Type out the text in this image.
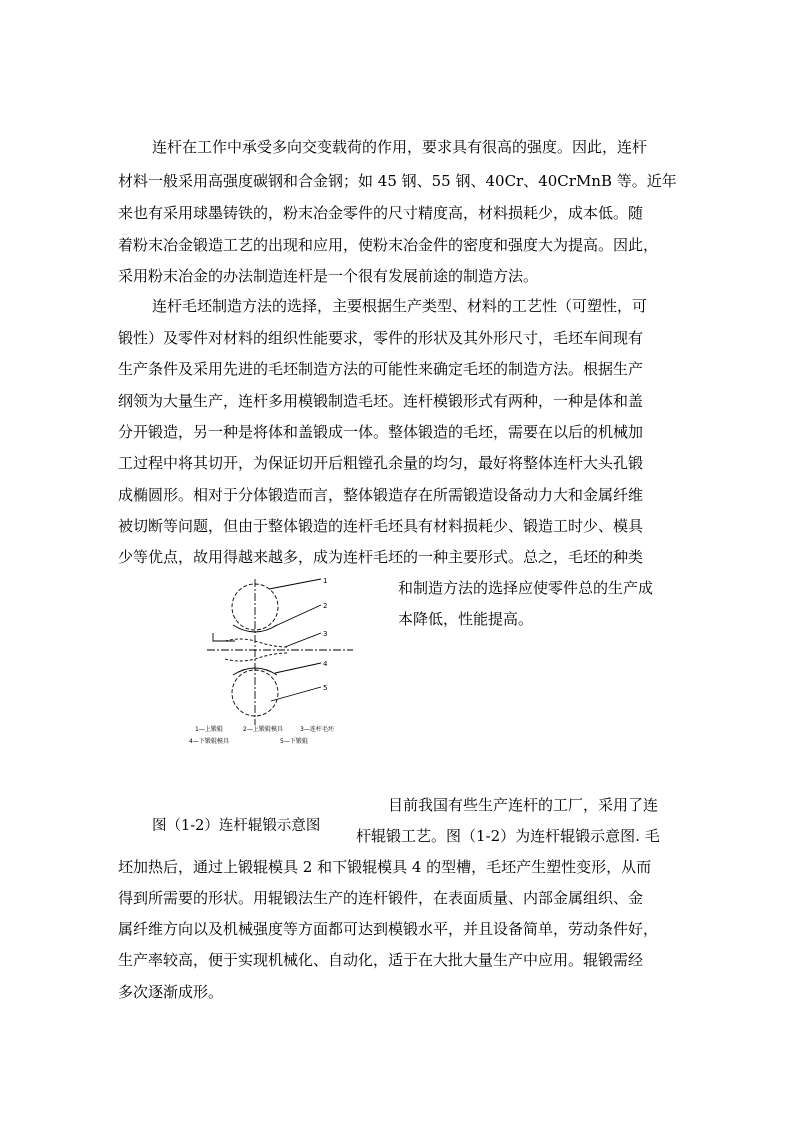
连杆在工作中承受多向交变载荷的作用，要求具有很高的强度。因此，连杆
材料一般采用高强度碳钢和合金钢；如 45 钢、55 钢、40Cr、40CrMnB 等。近年
来也有采用球墨铸铁的，粉末冶金零件的尺寸精度高，材料损耗少，成本低。随
着粉末冶金锻造工艺的出现和应用，使粉末冶金件的密度和强度大为提高。因此，
采用粉末冶金的办法制造连杆是一个很有发展前途的制造方法。
连杆毛坯制造方法的选择，主要根据生产类型、材料的工艺性（可塑性，可
锻性）及零件对材料的组织性能要求，零件的形状及其外形尺寸，毛坯车间现有
生产条件及采用先进的毛坯制造方法的可能性来确定毛坯的制造方法。根据生产
纲领为大量生产，连杆多用模锻制造毛坯。连杆模锻形式有两种，一种是体和盖
分开锻造，另一种是将体和盖锻成一体。整体锻造的毛坯，需要在以后的机械加
工过程中将其切开，为保证切开后粗镗孔余量的均匀，最好将整体连杆大头孔锻
成椭圆形。相对于分体锻造而言，整体锻造存在所需锻造设备动力大和金属纤维
被切断等问题，但由于整体锻造的连杆毛坯具有材料损耗少、锻造工时少、模具
少等优点，故用得越来越多，成为连杆毛坯的一种主要形式。总之，毛坯的种类
和制造方法的选择应使零件总的生产成
本降低，性能提高。
1
2
3
4
5
1—上锻辊	2—上锻辊模具	3—连杆毛坯
4—下锻辊模具	5—下锻辊
目前我国有些生产连杆的工厂，采用了连
图（1-2）连杆辊锻示意图
杆辊锻工艺。图（1-2）为连杆辊锻示意图. 毛
坯加热后，通过上锻辊模具 2 和下锻辊模具 4 的型槽，毛坯产生塑性变形，从而
得到所需要的形状。用辊锻法生产的连杆锻件，在表面质量、内部金属组织、金
属纤维方向以及机械强度等方面都可达到模锻水平，并且设备简单，劳动条件好，
生产率较高，便于实现机械化、自动化，适于在大批大量生产中应用。辊锻需经
多次逐渐成形。
